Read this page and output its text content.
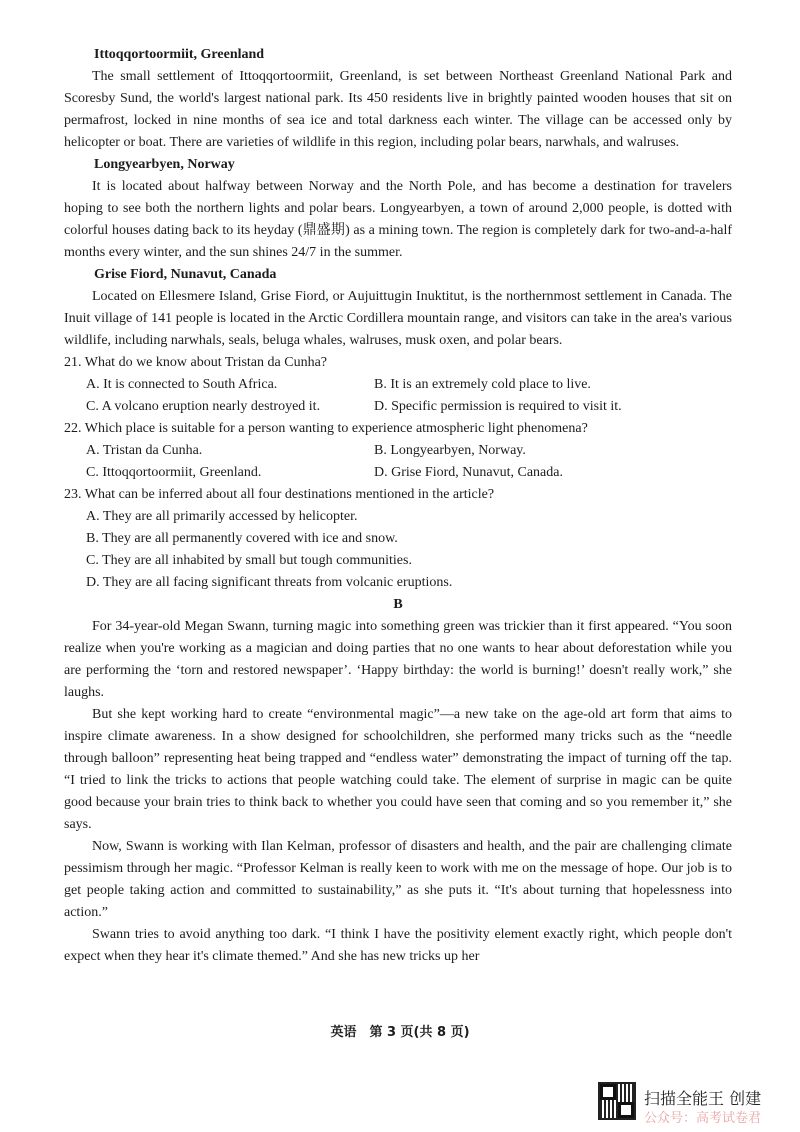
Ittoqqortoormiit, Greenland

The small settlement of Ittoqqortoormiit, Greenland, is set between Northeast Greenland National Park and Scoresby Sund, the world's largest national park. Its 450 residents live in brightly painted wooden houses that sit on permafrost, locked in nine months of sea ice and total darkness each winter. The village can be accessed only by helicopter or boat. There are varieties of wildlife in this region, including polar bears, narwhals, and walruses.

Longyearbyen, Norway

It is located about halfway between Norway and the North Pole, and has become a destination for travelers hoping to see both the northern lights and polar bears. Longyearbyen, a town of around 2,000 people, is dotted with colorful houses dating back to its heyday (鼎盛期) as a mining town. The region is completely dark for two-and-a-half months every winter, and the sun shines 24/7 in the summer.

Grise Fiord, Nunavut, Canada

Located on Ellesmere Island, Grise Fiord, or Aujuittugin Inuktitut, is the northernmost settlement in Canada. The Inuit village of 141 people is located in the Arctic Cordillera mountain range, and visitors can take in the area's various wildlife, including narwhals, seals, beluga whales, walruses, musk oxen, and polar bears.

21. What do we know about Tristan da Cunha?

A. It is connected to South Africa.	B. It is an extremely cold place to live.
C. A volcano eruption nearly destroyed it.	D. Specific permission is required to visit it.

22. Which place is suitable for a person wanting to experience atmospheric light phenomena?

A. Tristan da Cunha.	B. Longyearbyen, Norway.
C. Ittoqqortoormiit, Greenland.	D. Grise Fiord, Nunavut, Canada.

23. What can be inferred about all four destinations mentioned in the article?

A. They are all primarily accessed by helicopter.

B. They are all permanently covered with ice and snow.

C. They are all inhabited by small but tough communities.

D. They are all facing significant threats from volcanic eruptions.

B

For 34-year-old Megan Swann, turning magic into something green was trickier than it first appeared. “You soon realize when you're working as a magician and doing parties that no one wants to hear about deforestation while you are performing the ‘torn and restored newspaper’. ‘Happy birthday: the world is burning!’ doesn't really work,” she laughs.

But she kept working hard to create “environmental magic”—a new take on the age-old art form that aims to inspire climate awareness. In a show designed for schoolchildren, she performed many tricks such as the “needle through balloon” representing heat being trapped and “endless water” demonstrating the impact of turning off the tap. “I tried to link the tricks to actions that people watching could take. The element of surprise in magic can be quite good because your brain tries to think back to whether you could have seen that coming and so you remember it,” she says.

Now, Swann is working with Ilan Kelman, professor of disasters and health, and the pair are challenging climate pessimism through her magic. “Professor Kelman is really keen to work with me on the message of hope. Our job is to get people taking action and committed to sustainability,” as she puts it. “It's about turning that hopelessness into action.”

Swann tries to avoid anything too dark. “I think I have the positivity element exactly right, which people don't expect when they hear it's climate themed.” And she has new tricks up her

英语　第 3 页(共 8 页)
扫描全能王 创建
公众号：高考试卷君
